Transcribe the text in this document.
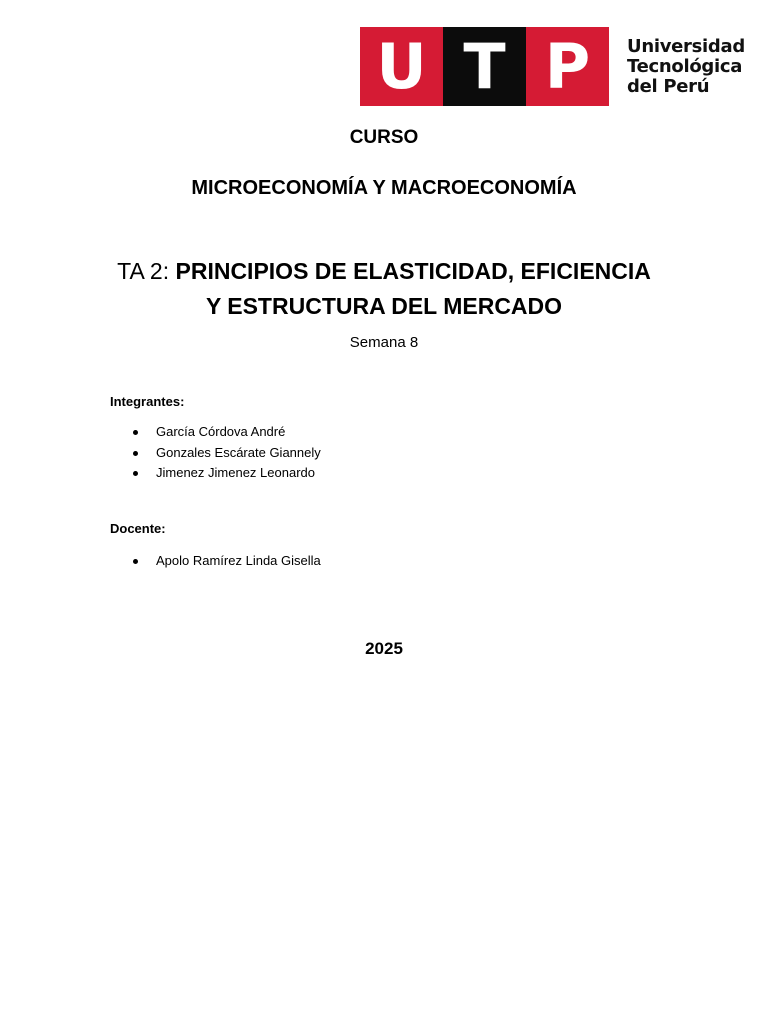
U T P	Universidad
Tecnológica
del Perú
CURSO
MICROECONOMÍA Y MACROECONOMÍA
TA 2: PRINCIPIOS DE ELASTICIDAD, EFICIENCIA
Y ESTRUCTURA DEL MERCADO
Semana 8
Integrantes:
García Córdova André
Gonzales Escárate Giannely
Jimenez Jimenez Leonardo
Docente:
Apolo Ramírez Linda Gisella
2025
